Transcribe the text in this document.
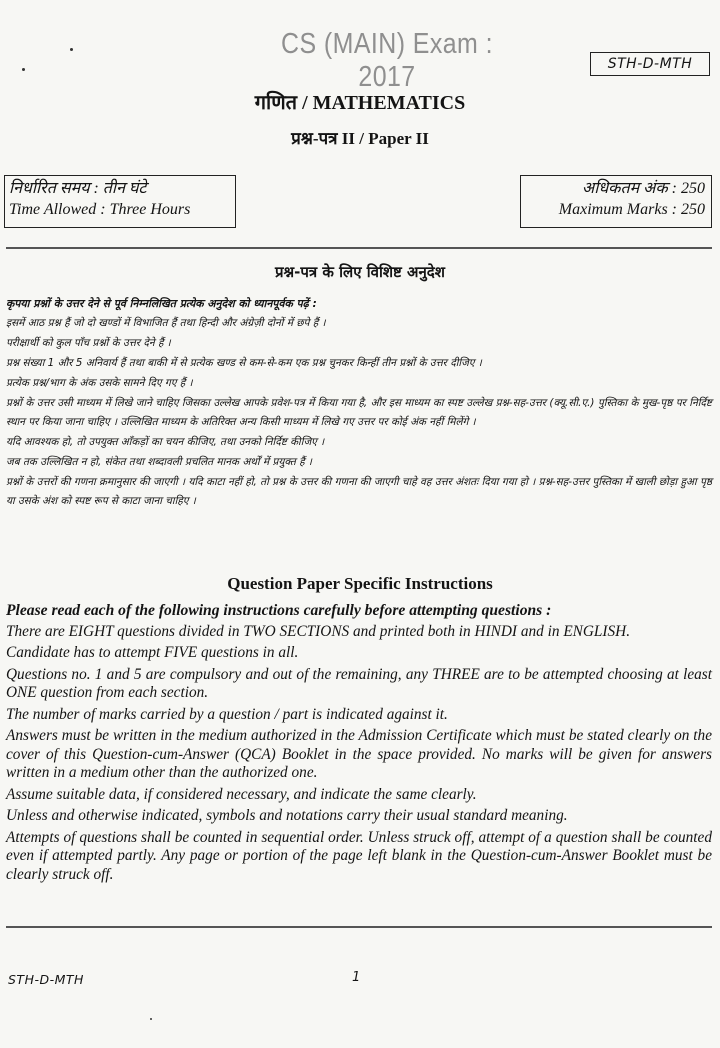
CS (MAIN) Exam : 2017	STH-D-MTH
गणित / MATHEMATICS
प्रश्न-पत्र II / Paper II
निर्धारित समय : तीन घंटे
Time Allowed : Three Hours
अधिकतम अंक : 250
Maximum Marks : 250
प्रश्न-पत्र के लिए विशिष्ट अनुदेश

कृपया प्रश्नों के उत्तर देने से पूर्व निम्नलिखित प्रत्येक अनुदेश को ध्यानपूर्वक पढ़ें :

इसमें आठ प्रश्न हैं जो दो खण्डों में विभाजित हैं तथा हिन्दी और अंग्रेज़ी दोनों में छपे हैं ।

परीक्षार्थी को कुल पाँच प्रश्नों के उत्तर देने हैं ।

प्रश्न संख्या 1 और 5 अनिवार्य हैं तथा बाकी में से प्रत्येक खण्ड से कम-से-कम एक प्रश्न चुनकर किन्हीं तीन प्रश्नों के उत्तर दीजिए ।

प्रत्येक प्रश्न/भाग के अंक उसके सामने दिए गए हैं ।

प्रश्नों के उत्तर उसी माध्यम में लिखे जाने चाहिए जिसका उल्लेख आपके प्रवेश-पत्र में किया गया है, और इस माध्यम का स्पष्ट उल्लेख प्रश्न-सह-उत्तर (क्यू.सी.ए.) पुस्तिका के मुख-पृष्ठ पर निर्दिष्ट स्थान पर किया जाना चाहिए । उल्लिखित माध्यम के अतिरिक्त अन्य किसी माध्यम में लिखे गए उत्तर पर कोई अंक नहीं मिलेंगे ।

यदि आवश्यक हो, तो उपयुक्त आँकड़ों का चयन कीजिए, तथा उनको निर्दिष्ट कीजिए ।

जब तक उल्लिखित न हो, संकेत तथा शब्दावली प्रचलित मानक अर्थों में प्रयुक्त हैं ।

प्रश्नों के उत्तरों की गणना क्रमानुसार की जाएगी । यदि काटा नहीं हो, तो प्रश्न के उत्तर की गणना की जाएगी चाहे वह उत्तर अंशतः दिया गया हो । प्रश्न-सह-उत्तर पुस्तिका में खाली छोड़ा हुआ पृष्ठ या उसके अंश को स्पष्ट रूप से काटा जाना चाहिए ।

Question Paper Specific Instructions

Please read each of the following instructions carefully before attempting questions :

There are EIGHT questions divided in TWO SECTIONS and printed both in HINDI and in ENGLISH.

Candidate has to attempt FIVE questions in all.

Questions no. 1 and 5 are compulsory and out of the remaining, any THREE are to be attempted choosing at least ONE question from each section.

The number of marks carried by a question / part is indicated against it.

Answers must be written in the medium authorized in the Admission Certificate which must be stated clearly on the cover of this Question-cum-Answer (QCA) Booklet in the space provided. No marks will be given for answers written in a medium other than the authorized one.

Assume suitable data, if considered necessary, and indicate the same clearly.

Unless and otherwise indicated, symbols and notations carry their usual standard meaning.

Attempts of questions shall be counted in sequential order. Unless struck off, attempt of a question shall be counted even if attempted partly. Any page or portion of the page left blank in the Question-cum-Answer Booklet must be clearly struck off.

STH-D-MTH	1
